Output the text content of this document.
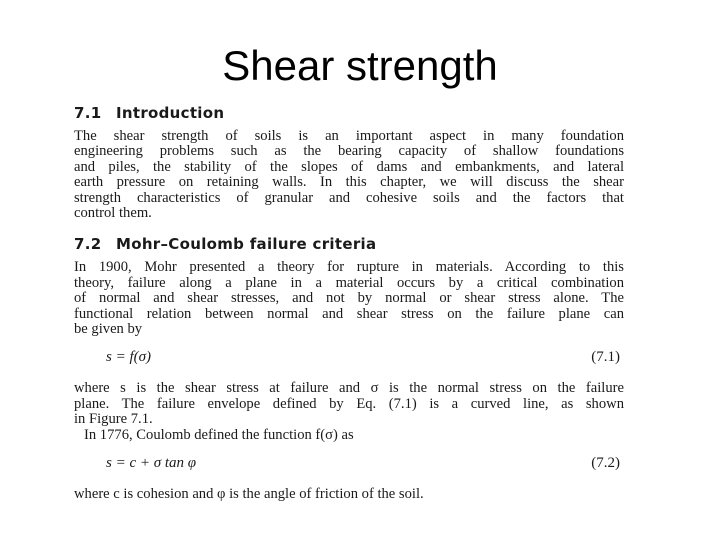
Shear strength
7.1 Introduction
The shear strength of soils is an important aspect in many foundation
engineering problems such as the bearing capacity of shallow foundations
and piles, the stability of the slopes of dams and embankments, and lateral
earth pressure on retaining walls. In this chapter, we will discuss the shear
strength characteristics of granular and cohesive soils and the factors that
control them.
7.2 Mohr–Coulomb failure criteria
In 1900, Mohr presented a theory for rupture in materials. According to this
theory, failure along a plane in a material occurs by a critical combination
of normal and shear stresses, and not by normal or shear stress alone. The
functional relation between normal and shear stress on the failure plane can
be given by
s = f(σ)	(7.1)
where s is the shear stress at failure and σ is the normal stress on the failure
plane. The failure envelope defined by Eq. (7.1) is a curved line, as shown
in Figure 7.1.
In 1776, Coulomb defined the function f(σ) as
s = c + σ tan φ	(7.2)
where c is cohesion and φ is the angle of friction of the soil.
